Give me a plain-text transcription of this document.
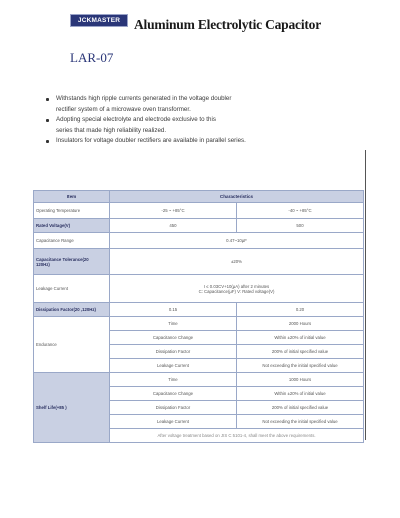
JCKMASTER	Aluminum Electrolytic Capacitor
LAR-07
Withstands high ripple currents generated in the voltage doubler
rectifier system of a microwave oven transformer.
Adopting special electrolyte and electrode exclusive to this
series that made high reliability realized.
Insulators for voltage doubler rectifiers are available in parallel series.
Item	Characteristics	
Operating Temperature	-25 ~ +85°C	-40 ~ +85°C
Rated Voltage(V)	450	500
Capacitance Range	0.47~10μF	
Capacitance Tolerance(20
120Hz)	±20%	
Leakage Current	I ≤ 0.03CV+10(μA) after 2 minutes
C: Capacitance(μF) V: Rated voltage(V)	
Dissipation Factor(20 ,120Hz)	0.15	0.20
Endurance	Time	2000 Hours
	Capacitance Change	Within ±20% of initial value
	Dissipation Factor	200% of initial specified value
	Leakage Current	Not exceeding the initial specified value
Shelf Life(+85 )	Time	1000 Hours
	Capacitance Change	Within ±20% of initial value
	Dissipation Factor	200% of initial specified value
	Leakage Current	Not exceeding the initial specified value
	After voltage treatment based on JIS C 5101-4, shall meet the above requirements.	
